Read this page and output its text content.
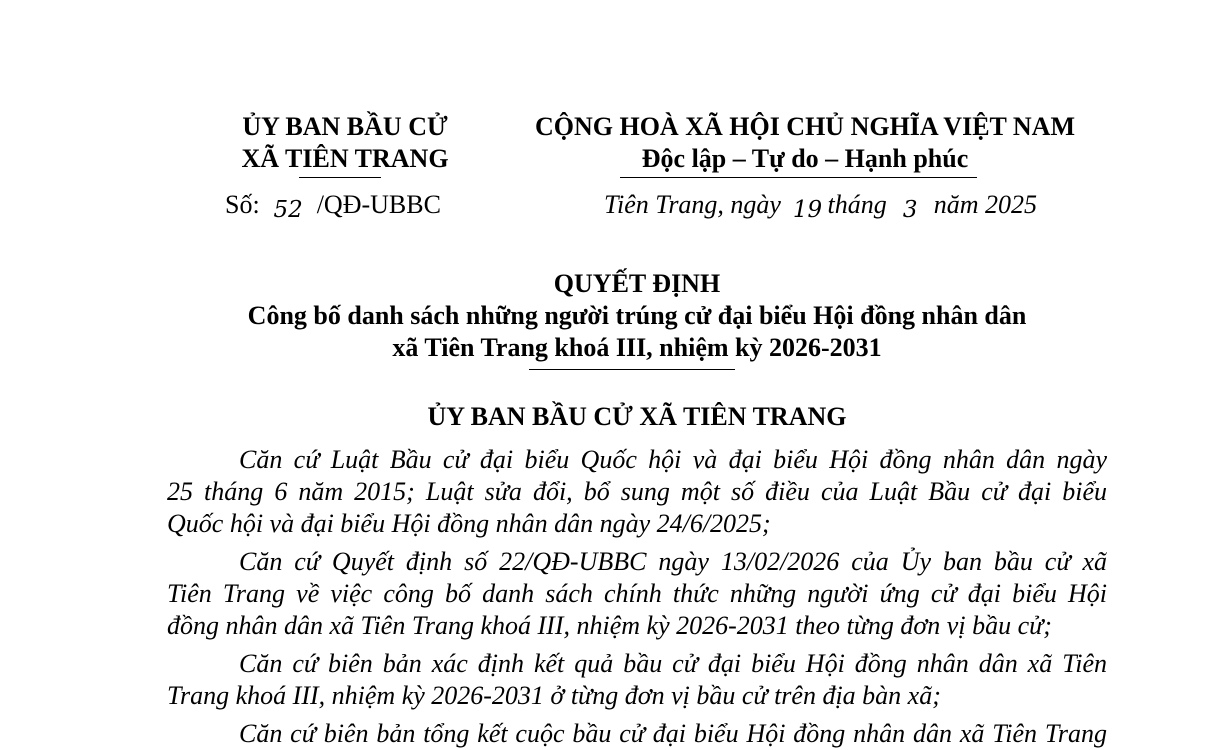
ỦY BAN BẦU CỬ
XÃ TIÊN TRANG
Số: 52 /QĐ-UBBC
CỘNG HOÀ XÃ HỘI CHỦ NGHĨA VIỆT NAM
Độc lập – Tự do – Hạnh phúc
Tiên Trang, ngày 19 tháng 3 năm 2025
QUYẾT ĐỊNH
Công bố danh sách những người trúng cử đại biểu Hội đồng nhân dân
xã Tiên Trang khoá III, nhiệm kỳ 2026-2031
ỦY BAN BẦU CỬ XÃ TIÊN TRANG
Căn cứ Luật Bầu cử đại biểu Quốc hội và đại biểu Hội đồng nhân dân ngày
25 tháng 6 năm 2015; Luật sửa đổi, bổ sung một số điều của Luật Bầu cử đại biểu
Quốc hội và đại biểu Hội đồng nhân dân ngày 24/6/2025;
Căn cứ Quyết định số 22/QĐ-UBBC ngày 13/02/2026 của Ủy ban bầu cử xã
Tiên Trang về việc công bố danh sách chính thức những người ứng cử đại biểu Hội
đồng nhân dân xã Tiên Trang khoá III, nhiệm kỳ 2026-2031 theo từng đơn vị bầu cử;
Căn cứ biên bản xác định kết quả bầu cử đại biểu Hội đồng nhân dân xã Tiên
Trang khoá III, nhiệm kỳ 2026-2031 ở từng đơn vị bầu cử trên địa bàn xã;
Căn cứ biên bản tổng kết cuộc bầu cử đại biểu Hội đồng nhân dân xã Tiên Trang
